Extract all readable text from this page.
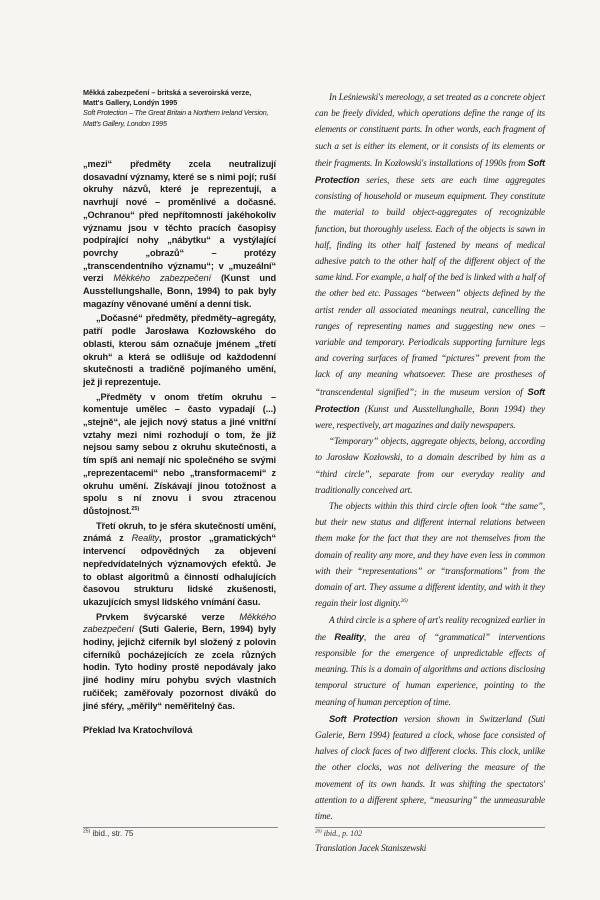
Měkká zabezpečení – britská a severoirská verze,
Matt's Gallery, Londýn 1995
Soft Protection – The Great Britain a Northern Ireland Version,
Matt's Gallery, London 1995

„mezi“ předměty zcela neutralizují dosavadní významy, které se s nimi pojí; ruší okruhy názvů, které je reprezentují, a navrhují nové – proměnlivé a dočasné. „Ochranou“ před nepřítomností jakéhokoliv významu jsou v těchto pracích časopisy podpírající nohy „nábytku“ a vystýlající povrchy „obrazů“ – protézy „transcendentního významu“; v „muzeální“ verzi Měkkého zabezpečení (Kunst und Ausstellungshalle, Bonn, 1994) to pak byly magazíny věnované umění a denní tisk.

„Dočasné“ předměty, předměty–agregáty, patří podle Jarosława Kozłowského do oblasti, kterou sám označuje jménem „třetí okruh“ a která se odlišuje od každodenní skutečnosti a tradičně pojímaného umění, jež ji reprezentuje.

„Předměty v onom třetím okruhu – komentuje umělec – často vypadají (...) „stejně“, ale jejich nový status a jiné vnitřní vztahy mezi nimi rozhodují o tom, že již nejsou samy sebou z okruhu skutečnosti, a tím spíš ani nemají nic společného se svými „reprezentacemi“ nebo „transformacemi“ z okruhu umění. Získávají jinou totožnost a spolu s ní znovu i svou ztracenou důstojnost.$^{25)}$

Třetí okruh, to je sféra skutečností umění, známá z Reality, prostor „gramatických“ intervencí odpovědných za objevení nepředvídatelných významových efektů. Je to oblast algoritmů a činností odhalujících časovou strukturu lidské zkušenosti, ukazujících smysl lidského vnímání času.

Prvkem švýcarské verze Měkkého zabezpečení (Suti Galerie, Bern, 1994) byly hodiny, jejichž ciferník byl složený z polovin ciferníků pocházejících ze zcela různých hodin. Tyto hodiny prostě nepodávaly jako jiné hodiny míru pohybu svých vlastních ručiček; zaměřovaly pozornost diváků do jiné sféry, „měřily“ neměřitelný čas.

Překlad Iva Kratochvílová

In Leśniewski's mereology, a set treated as a concrete object can be freely divided, which operations define the range of its elements or constituent parts. In other words, each fragment of such a set is either its element, or it consists of its elements or their fragments. In Kozłowski's installations of 1990s from Soft Protection series, these sets are each time aggregates consisting of household or museum equipment. They constitute the material to build object-aggregates of recognizable function, but thoroughly useless. Each of the objects is sawn in half, finding its other half fastened by means of medical adhesive patch to the other half of the different object of the same kind. For example, a half of the bed is linked with a half of the other bed etc. Passages “between” objects defined by the artist render all associated meanings neutral, cancelling the ranges of representing names and suggesting new ones – variable and temporary. Periodicals supporting furniture legs and covering surfaces of framed “pictures” prevent from the lack of any meaning whatsoever. These are prostheses of “transcendental signified”; in the museum version of Soft Protection (Kunst und Ausstellunghalle, Bonn 1994) they were, respectively, art magazines and daily newspapers.

“Temporary” objects, aggregate objects, belong, according to Jarosław Kozłowski, to a domain described by him as a “third circle”, separate from our everyday reality and traditionally conceived art.

The objects within this third circle often look “the same”, but their new status and different internal relations between them make for the fact that they are not themselves from the domain of reality any more, and they have even less in common with their “representations” or “transformations” from the domain of art. They assume a different identity, and with it they regain their lost dignity.$^{26)}$

A third circle is a sphere of art's reality recognized earlier in the Reality, the area of “grammatical” interventions responsible for the emergence of unpredictable effects of meaning. This is a domain of algorithms and actions disclosing temporal structure of human experience, pointing to the meaning of human perception of time.

Soft Protection version shown in Switzerland (Suti Galerie, Bern 1994) featured a clock, whose face consisted of halves of clock faces of two different clocks. This clock, unlike the other clocks, was not delivering the measure of the movement of its own hands. It was shifting the spectators' attention to a different sphere, “measuring” the unmeasurable time.

Translation Jacek Staniszewski

$^{25)}$ ibid., str. 75	$^{26)}$ ibid., p. 102
